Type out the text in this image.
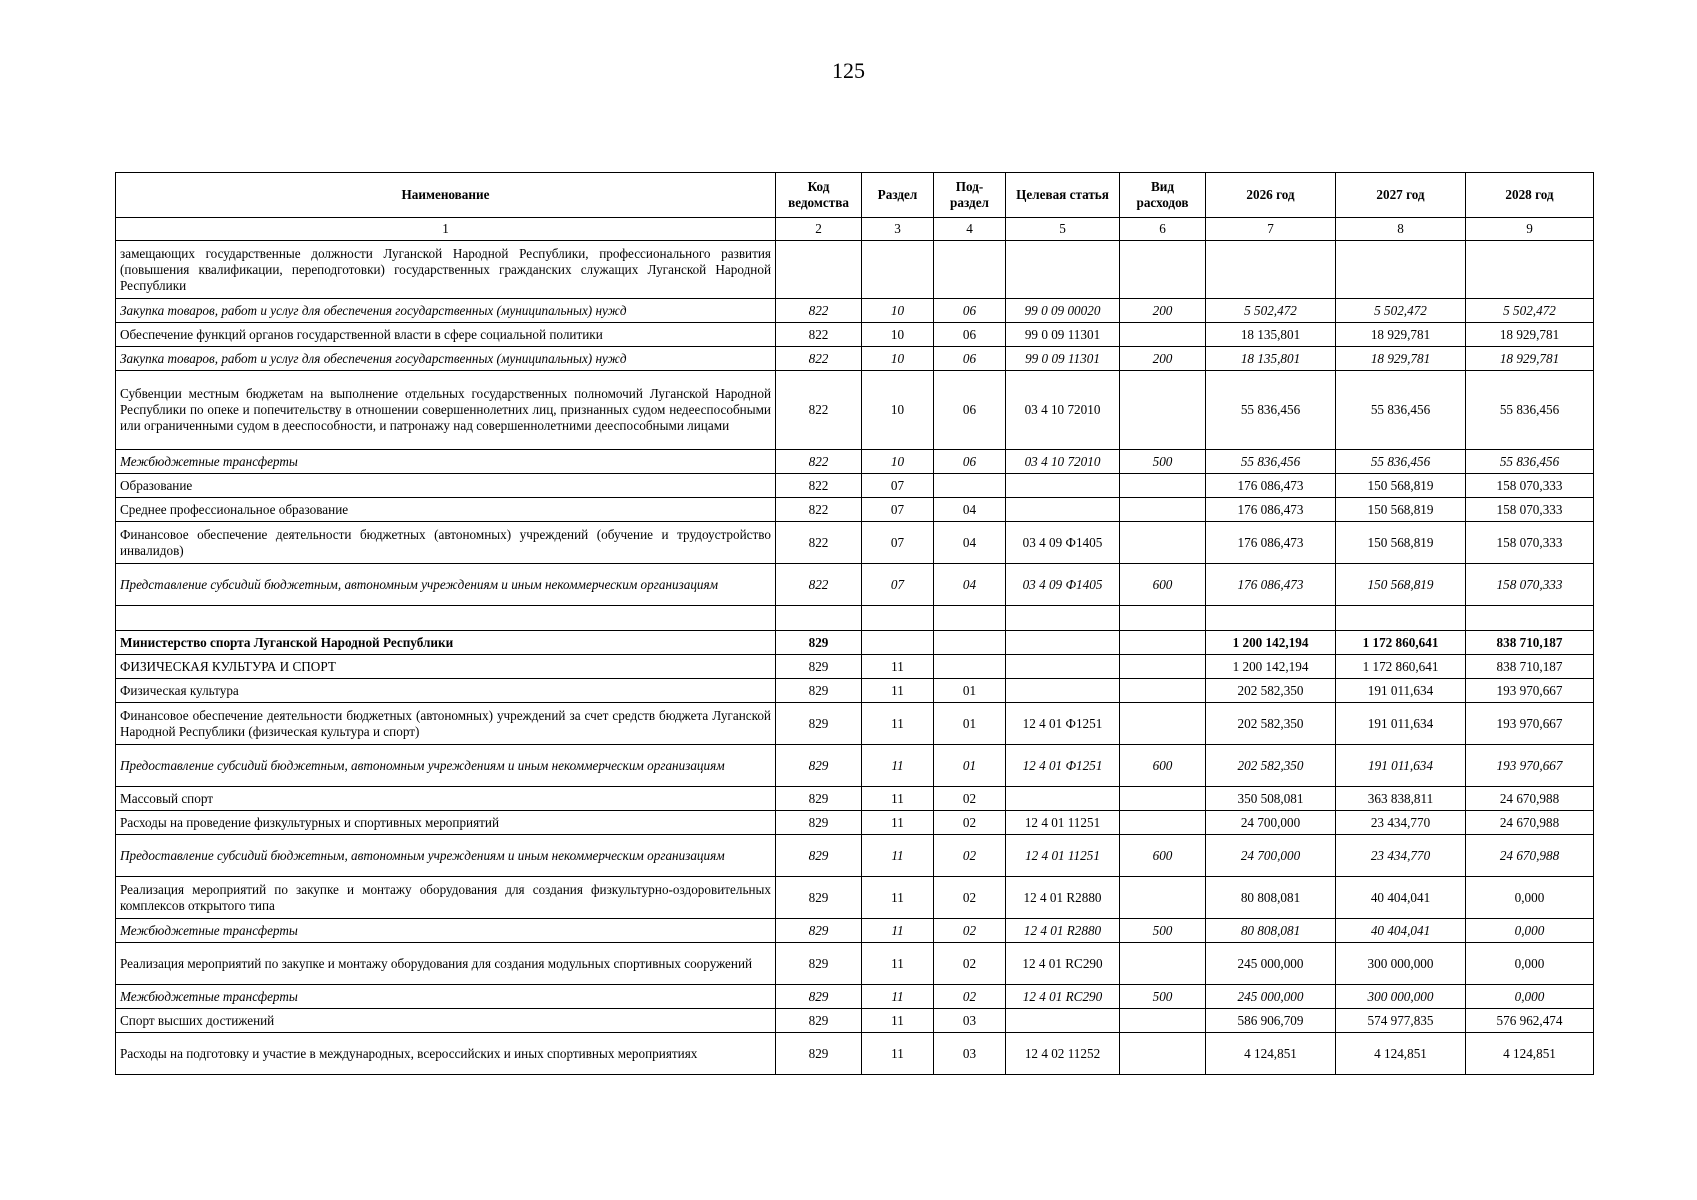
125
Наименование	Код ведомства	Раздел	Под-раздел	Целевая статья	Вид расходов	2026 год	2027 год	2028 год
1	2	3	4	5	6	7	8	9
замещающих государственные должности Луганской Народной Республики, профессионального развития (повышения квалификации, переподготовки) государственных гражданских служащих Луганской Народной Республики								
Закупка товаров, работ и услуг для обеспечения государственных (муниципальных) нужд	822	10	06	99 0 09 00020	200	5 502,472	5 502,472	5 502,472
Обеспечение функций органов государственной власти в сфере социальной политики	822	10	06	99 0 09 11301		18 135,801	18 929,781	18 929,781
Закупка товаров, работ и услуг для обеспечения государственных (муниципальных) нужд	822	10	06	99 0 09 11301	200	18 135,801	18 929,781	18 929,781
Субвенции местным бюджетам на выполнение отдельных государственных полномочий Луганской Народной Республики по опеке и попечительству в отношении совершеннолетних лиц, признанных судом недееспособными или ограниченными судом в дееспособности, и патронажу над совершеннолетними дееспособными лицами	822	10	06	03 4 10 72010		55 836,456	55 836,456	55 836,456
Межбюджетные трансферты	822	10	06	03 4 10 72010	500	55 836,456	55 836,456	55 836,456
Образование	822	07				176 086,473	150 568,819	158 070,333
Среднее профессиональное образование	822	07	04			176 086,473	150 568,819	158 070,333
Финансовое обеспечение деятельности бюджетных (автономных) учреждений (обучение и трудоустройство инвалидов)	822	07	04	03 4 09 Ф1405		176 086,473	150 568,819	158 070,333
Представление субсидий бюджетным, автономным учреждениям и иным некоммерческим организациям	822	07	04	03 4 09 Ф1405	600	176 086,473	150 568,819	158 070,333

Министерство спорта Луганской Народной Республики	829					1 200 142,194	1 172 860,641	838 710,187
ФИЗИЧЕСКАЯ КУЛЬТУРА И СПОРТ	829	11				1 200 142,194	1 172 860,641	838 710,187
Физическая культура	829	11	01			202 582,350	191 011,634	193 970,667
Финансовое обеспечение деятельности бюджетных (автономных) учреждений за счет средств бюджета Луганской Народной Республики (физическая культура и спорт)	829	11	01	12 4 01 Ф1251		202 582,350	191 011,634	193 970,667
Предоставление субсидий бюджетным, автономным учреждениям и иным некоммерческим организациям	829	11	01	12 4 01 Ф1251	600	202 582,350	191 011,634	193 970,667
Массовый спорт	829	11	02			350 508,081	363 838,811	24 670,988
Расходы на проведение физкультурных и спортивных мероприятий	829	11	02	12 4 01 11251		24 700,000	23 434,770	24 670,988
Предоставление субсидий бюджетным, автономным учреждениям и иным некоммерческим организациям	829	11	02	12 4 01 11251	600	24 700,000	23 434,770	24 670,988
Реализация мероприятий по закупке и монтажу оборудования для создания физкультурно-оздоровительных комплексов открытого типа	829	11	02	12 4 01 R2880		80 808,081	40 404,041	0,000
Межбюджетные трансферты	829	11	02	12 4 01 R2880	500	80 808,081	40 404,041	0,000
Реализация мероприятий по закупке и монтажу оборудования для создания модульных спортивных сооружений	829	11	02	12 4 01 RC290		245 000,000	300 000,000	0,000
Межбюджетные трансферты	829	11	02	12 4 01 RC290	500	245 000,000	300 000,000	0,000
Спорт высших достижений	829	11	03			586 906,709	574 977,835	576 962,474
Расходы на подготовку и участие в международных, всероссийских и иных спортивных мероприятиях	829	11	03	12 4 02 11252		4 124,851	4 124,851	4 124,851
